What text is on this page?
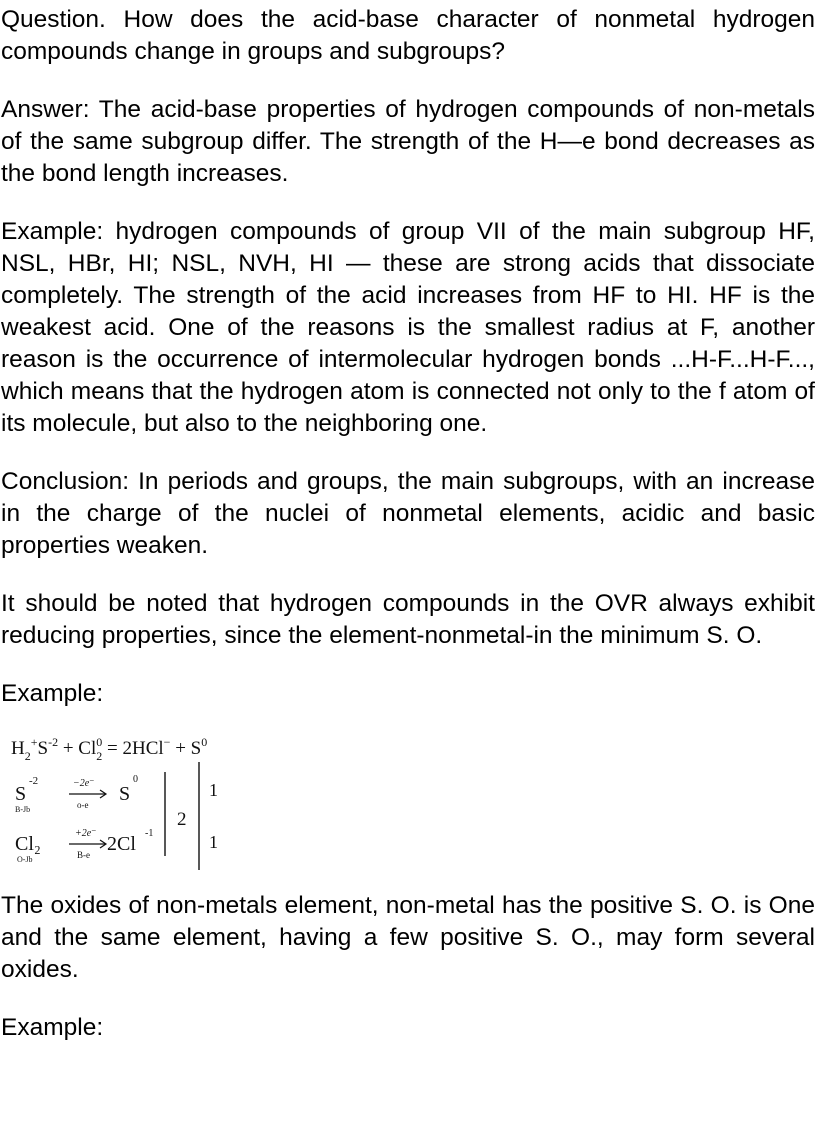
Question. How does the acid-base character of nonmetal hydrogen compounds change in groups and subgroups?

Answer: The acid-base properties of hydrogen compounds of non-metals of the same subgroup differ. The strength of the H—e bond decreases as the bond length increases.

Example: hydrogen compounds of group VII of the main subgroup HF, NSL, HBr, HI; NSL, NVH, HI — these are strong acids that dissociate completely. The strength of the acid increases from HF to HI. HF is the weakest acid. One of the reasons is the smallest radius at F, another reason is the occurrence of intermolecular hydrogen bonds ...H-F...H-F..., which means that the hydrogen atom is connected not only to the f atom of its molecule, but also to the neighboring one.

Conclusion: In periods and groups, the main subgroups, with an increase in the charge of the nuclei of nonmetal elements, acidic and basic properties weaken.

It should be noted that hydrogen compounds in the OVR always exhibit reducing properties, since the element-nonmetal-in the minimum S. O.

Example:

$H_2^+S^{-2} + Cl_20 = 2HCl^- + S^0$
S
-2
B-Jb
−2e⁻
o-e S
0
Cl₂
O-Jb
+2e⁻
B-e 2Cl -1
2
1
1

The oxides of non-metals element, non-metal has the positive S. O. is One and the same element, having a few positive S. O., may form several oxides.

Example:
